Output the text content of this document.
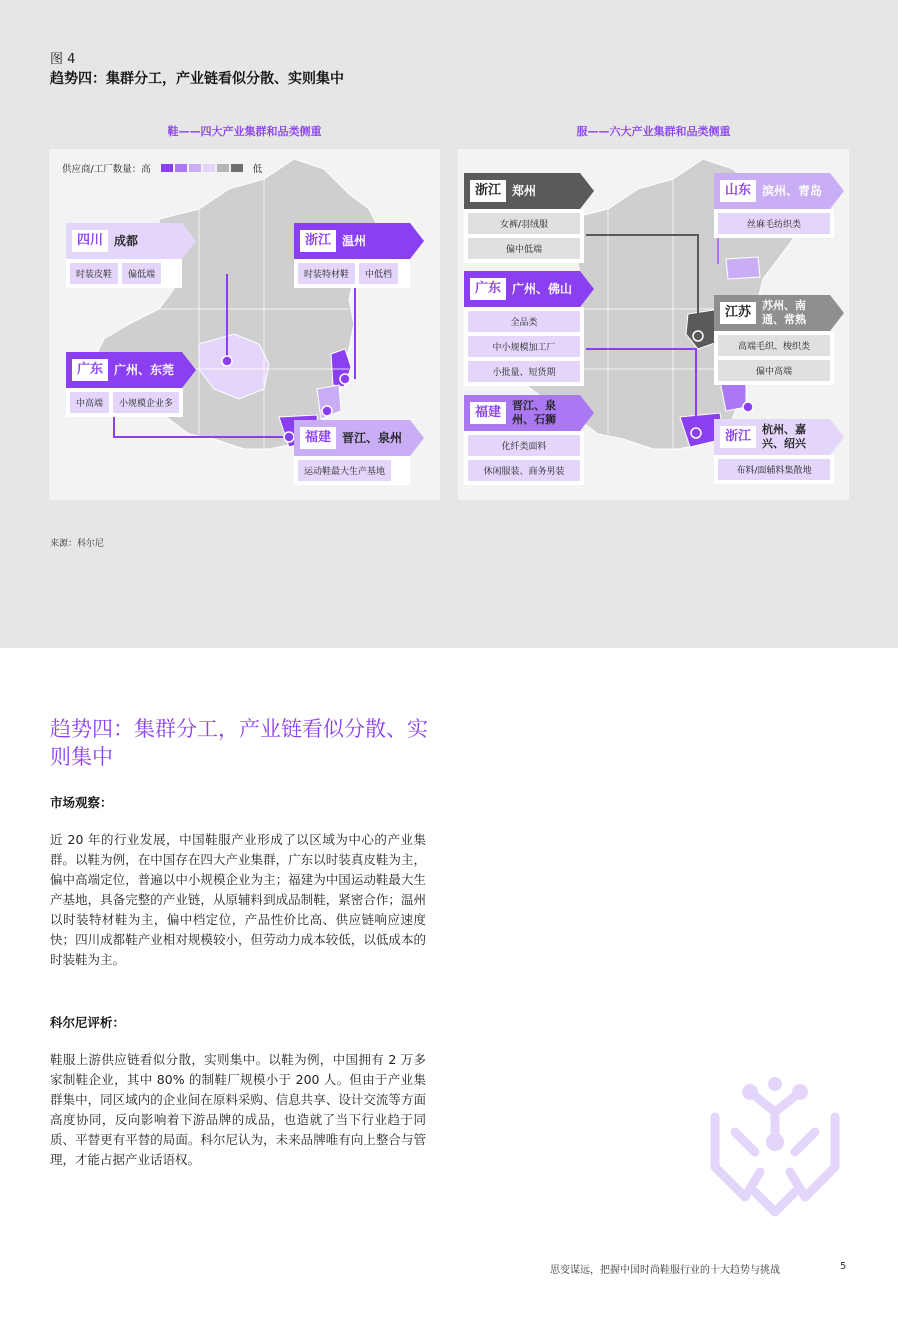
图 4
趋势四：集群分工，产业链看似分散、实则集中
鞋——四大产业集群和品类侧重
供应商/工厂数量：高	低
四川 成都
时装皮鞋	偏低端
浙江 温州
时装特材鞋	中低档
广东 广州、东莞
中高端	小规模企业多
福建 晋江、泉州
运动鞋最大生产基地
服——六大产业集群和品类侧重
浙江 郑州
女裤/羽绒服
偏中低端
山东 滨州、青岛
丝麻毛纺织类
广东 广州、佛山
全品类
中小规模加工厂
小批量、短货期
江苏	苏州、南通、常熟
高端毛织、梭织类
偏中高端
福建	晋江、泉州、石狮
化纤类面料
休闲服装、商务男装
浙江	杭州、嘉兴、绍兴
布料/面辅料集散地
来源：科尔尼
趋势四：集群分工，产业链看似分散、实则集中
市场观察：
近 20 年的行业发展，中国鞋服产业形成了以区域为中心的产业集群。以鞋为例，在中国存在四大产业集群，广东以时装真皮鞋为主，偏中高端定位，普遍以中小规模企业为主；福建为中国运动鞋最大生产基地，具备完整的产业链，从原辅料到成品制鞋，紧密合作；温州以时装特材鞋为主，偏中档定位，产品性价比高、供应链响应速度快；四川成都鞋产业相对规模较小，但劳动力成本较低，以低成本的时装鞋为主。
科尔尼评析：
鞋服上游供应链看似分散，实则集中。以鞋为例，中国拥有 2 万多家制鞋企业，其中 80% 的制鞋厂规模小于 200 人。但由于产业集群集中，同区域内的企业间在原料采购、信息共享、设计交流等方面高度协同，反向影响着下游品牌的成品，也造就了当下行业趋于同质、平替更有平替的局面。科尔尼认为，未来品牌唯有向上整合与管理，才能占据产业话语权。
思变谋远，把握中国时尚鞋服行业的十大趋势与挑战	5
